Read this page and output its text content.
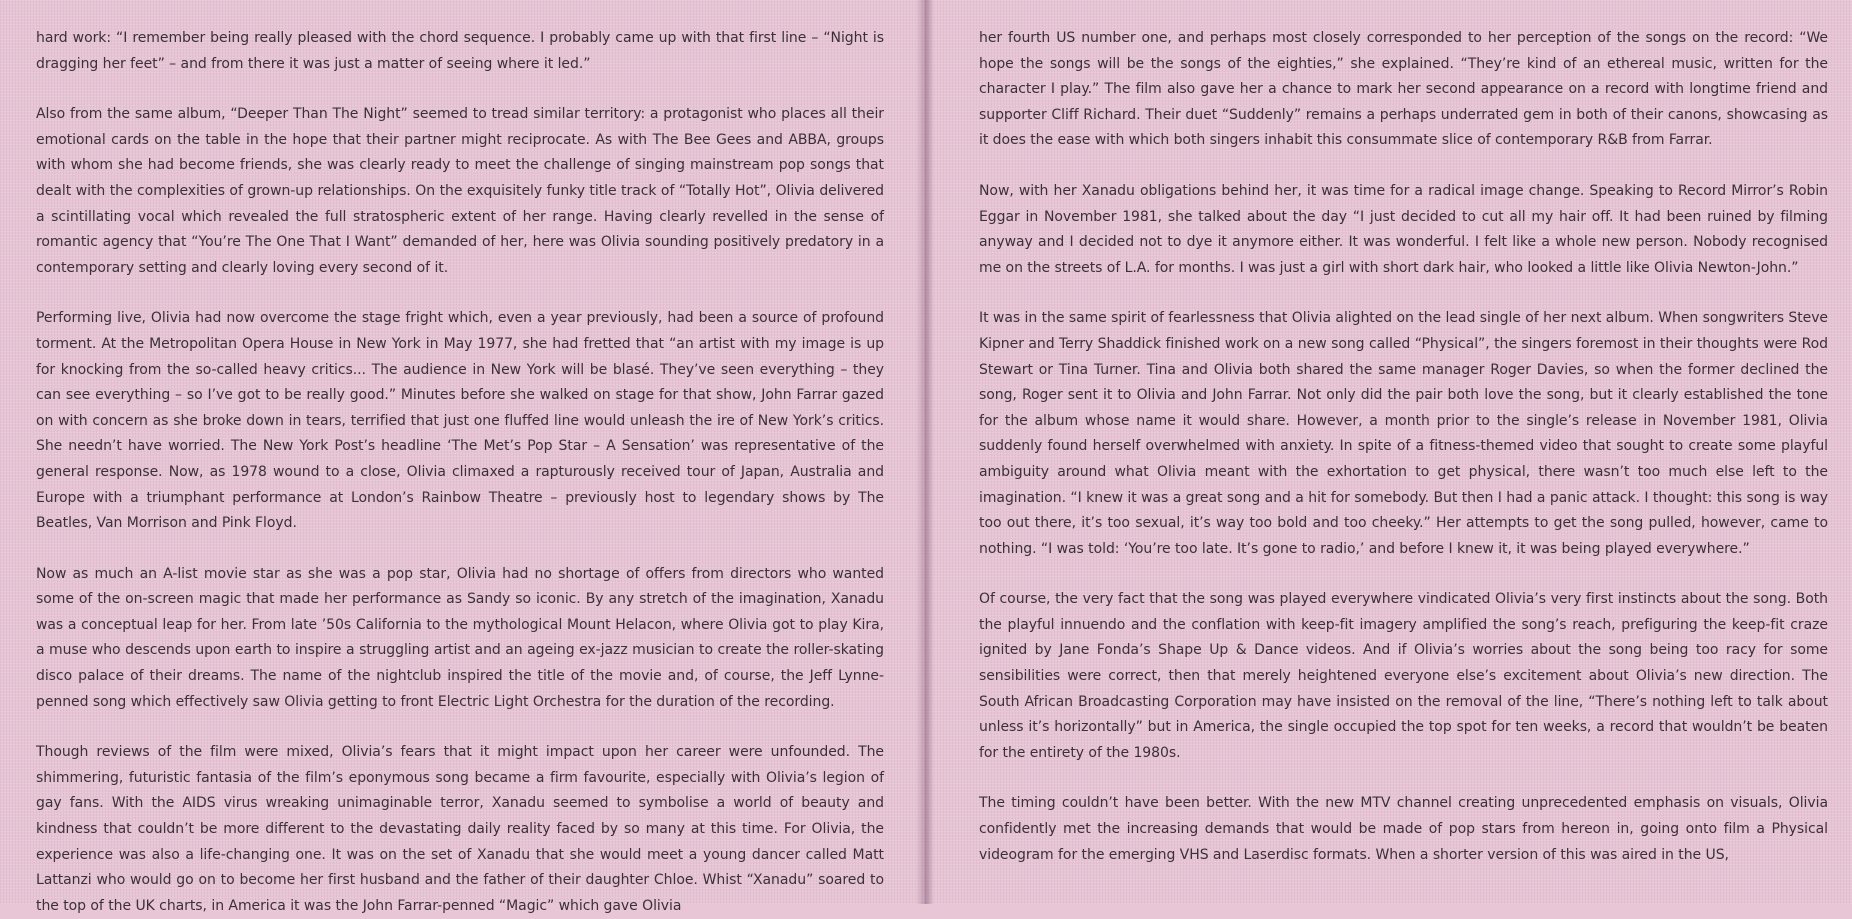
hard work: “I remember being really pleased with the chord sequence. I probably came up with that first line – “Night is dragging her feet” – and from there it was just a matter of seeing where it led.”

Also from the same album, “Deeper Than The Night” seemed to tread similar territory: a protagonist who places all their emotional cards on the table in the hope that their partner might reciprocate. As with The Bee Gees and ABBA, groups with whom she had become friends, she was clearly ready to meet the challenge of singing mainstream pop songs that dealt with the complexities of grown-up relationships. On the exquisitely funky title track of “Totally Hot”, Olivia delivered a scintillating vocal which revealed the full stratospheric extent of her range. Having clearly revelled in the sense of romantic agency that “You’re The One That I Want” demanded of her, here was Olivia sounding positively predatory in a contemporary setting and clearly loving every second of it.

Performing live, Olivia had now overcome the stage fright which, even a year previously, had been a source of profound torment. At the Metropolitan Opera House in New York in May 1977, she had fretted that “an artist with my image is up for knocking from the so-called heavy critics... The audience in New York will be blasé. They’ve seen everything – they can see everything – so I’ve got to be really good.” Minutes before she walked on stage for that show, John Farrar gazed on with concern as she broke down in tears, terrified that just one fluffed line would unleash the ire of New York’s critics. She needn’t have worried. The New York Post’s headline ‘The Met’s Pop Star – A Sensation’ was representative of the general response. Now, as 1978 wound to a close, Olivia climaxed a rapturously received tour of Japan, Australia and Europe with a triumphant performance at London’s Rainbow Theatre – previously host to legendary shows by The Beatles, Van Morrison and Pink Floyd.

Now as much an A-list movie star as she was a pop star, Olivia had no shortage of offers from directors who wanted some of the on-screen magic that made her performance as Sandy so iconic. By any stretch of the imagination, Xanadu was a conceptual leap for her. From late ’50s California to the mythological Mount Helacon, where Olivia got to play Kira, a muse who descends upon earth to inspire a struggling artist and an ageing ex-jazz musician to create the roller-skating disco palace of their dreams. The name of the nightclub inspired the title of the movie and, of course, the Jeff Lynne-penned song which effectively saw Olivia getting to front Electric Light Orchestra for the duration of the recording.

Though reviews of the film were mixed, Olivia’s fears that it might impact upon her career were unfounded. The shimmering, futuristic fantasia of the film’s eponymous song became a firm favourite, especially with Olivia’s legion of gay fans. With the AIDS virus wreaking unimaginable terror, Xanadu seemed to symbolise a world of beauty and kindness that couldn’t be more different to the devastating daily reality faced by so many at this time. For Olivia, the experience was also a life-changing one. It was on the set of Xanadu that she would meet a young dancer called Matt Lattanzi who would go on to become her first husband and the father of their daughter Chloe. Whist “Xanadu” soared to the top of the UK charts, in America it was the John Farrar-penned “Magic” which gave Olivia

her fourth US number one, and perhaps most closely corresponded to her perception of the songs on the record: “We hope the songs will be the songs of the eighties,” she explained. “They’re kind of an ethereal music, written for the character I play.” The film also gave her a chance to mark her second appearance on a record with longtime friend and supporter Cliff Richard. Their duet “Suddenly” remains a perhaps underrated gem in both of their canons, showcasing as it does the ease with which both singers inhabit this consummate slice of contemporary R&B from Farrar.

Now, with her Xanadu obligations behind her, it was time for a radical image change. Speaking to Record Mirror’s Robin Eggar in November 1981, she talked about the day “I just decided to cut all my hair off. It had been ruined by filming anyway and I decided not to dye it anymore either. It was wonderful. I felt like a whole new person. Nobody recognised me on the streets of L.A. for months. I was just a girl with short dark hair, who looked a little like Olivia Newton-John.”

It was in the same spirit of fearlessness that Olivia alighted on the lead single of her next album. When songwriters Steve Kipner and Terry Shaddick finished work on a new song called “Physical”, the singers foremost in their thoughts were Rod Stewart or Tina Turner. Tina and Olivia both shared the same manager Roger Davies, so when the former declined the song, Roger sent it to Olivia and John Farrar. Not only did the pair both love the song, but it clearly established the tone for the album whose name it would share. However, a month prior to the single’s release in November 1981, Olivia suddenly found herself overwhelmed with anxiety. In spite of a fitness-themed video that sought to create some playful ambiguity around what Olivia meant with the exhortation to get physical, there wasn’t too much else left to the imagination. “I knew it was a great song and a hit for somebody. But then I had a panic attack. I thought: this song is way too out there, it’s too sexual, it’s way too bold and too cheeky.” Her attempts to get the song pulled, however, came to nothing. “I was told: ‘You’re too late. It’s gone to radio,’ and before I knew it, it was being played everywhere.”

Of course, the very fact that the song was played everywhere vindicated Olivia’s very first instincts about the song. Both the playful innuendo and the conflation with keep-fit imagery amplified the song’s reach, prefiguring the keep-fit craze ignited by Jane Fonda’s Shape Up & Dance videos. And if Olivia’s worries about the song being too racy for some sensibilities were correct, then that merely heightened everyone else’s excitement about Olivia’s new direction. The South African Broadcasting Corporation may have insisted on the removal of the line, “There’s nothing left to talk about unless it’s horizontally” but in America, the single occupied the top spot for ten weeks, a record that wouldn’t be beaten for the entirety of the 1980s.

The timing couldn’t have been better. With the new MTV channel creating unprecedented emphasis on visuals, Olivia confidently met the increasing demands that would be made of pop stars from hereon in, going onto film a Physical videogram for the emerging VHS and Laserdisc formats. When a shorter version of this was aired in the US,
